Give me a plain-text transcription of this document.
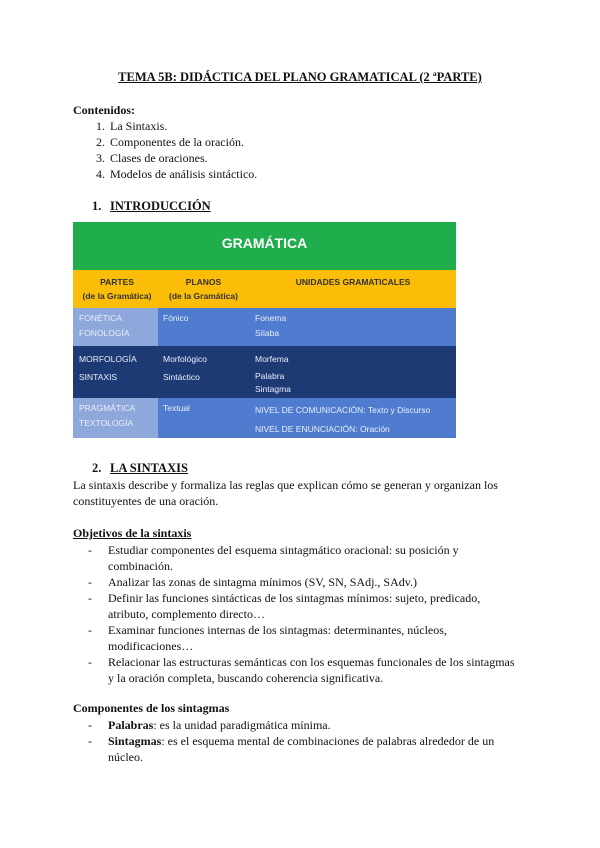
TEMA 5B: DIDÁCTICA DEL PLANO GRAMATICAL (2 ªPARTE)
Contenidos:
1. La Sintaxis.
2. Componentes de la oración.
3. Clases de oraciones.
4. Modelos de análisis sintáctico.
1. INTRODUCCIÓN
GRAMÁTICA
PARTES
(de la Gramática)
PLANOS
(de la Gramática)
UNIDADES GRAMATICALES
FONÉTICA
FONOLOGÍA
Fónico	Fonema
Sílaba
MORFOLOGÍA
SINTAXIS
Morfológico
Sintáctico
Morfema
Palabra
Sintagma
PRAGMÁTICA
TEXTOLOGÍA
Textual	NIVEL DE COMUNICACIÓN: Texto y Discurso
NIVEL DE ENUNCIACIÓN: Oración
2. LA SINTAXIS
La sintaxis describe y formaliza las reglas que explican cómo se generan y organizan los
constituyentes de una oración.
Objetivos de la sintaxis
- Estudiar componentes del esquema sintagmático oracional: su posición y
combinación.
- Analizar las zonas de sintagma mínimos (SV, SN, SAdj., SAdv.)
- Definir las funciones sintácticas de los sintagmas mínimos: sujeto, predicado,
atributo, complemento directo…
- Examinar funciones internas de los sintagmas: determinantes, núcleos,
modificaciones…
- Relacionar las estructuras semánticas con los esquemas funcionales de los sintagmas
y la oración completa, buscando coherencia significativa.
Componentes de los sintagmas
- Palabras: es la unidad paradigmática mínima.
- Sintagmas: es el esquema mental de combinaciones de palabras alrededor de un
núcleo.
